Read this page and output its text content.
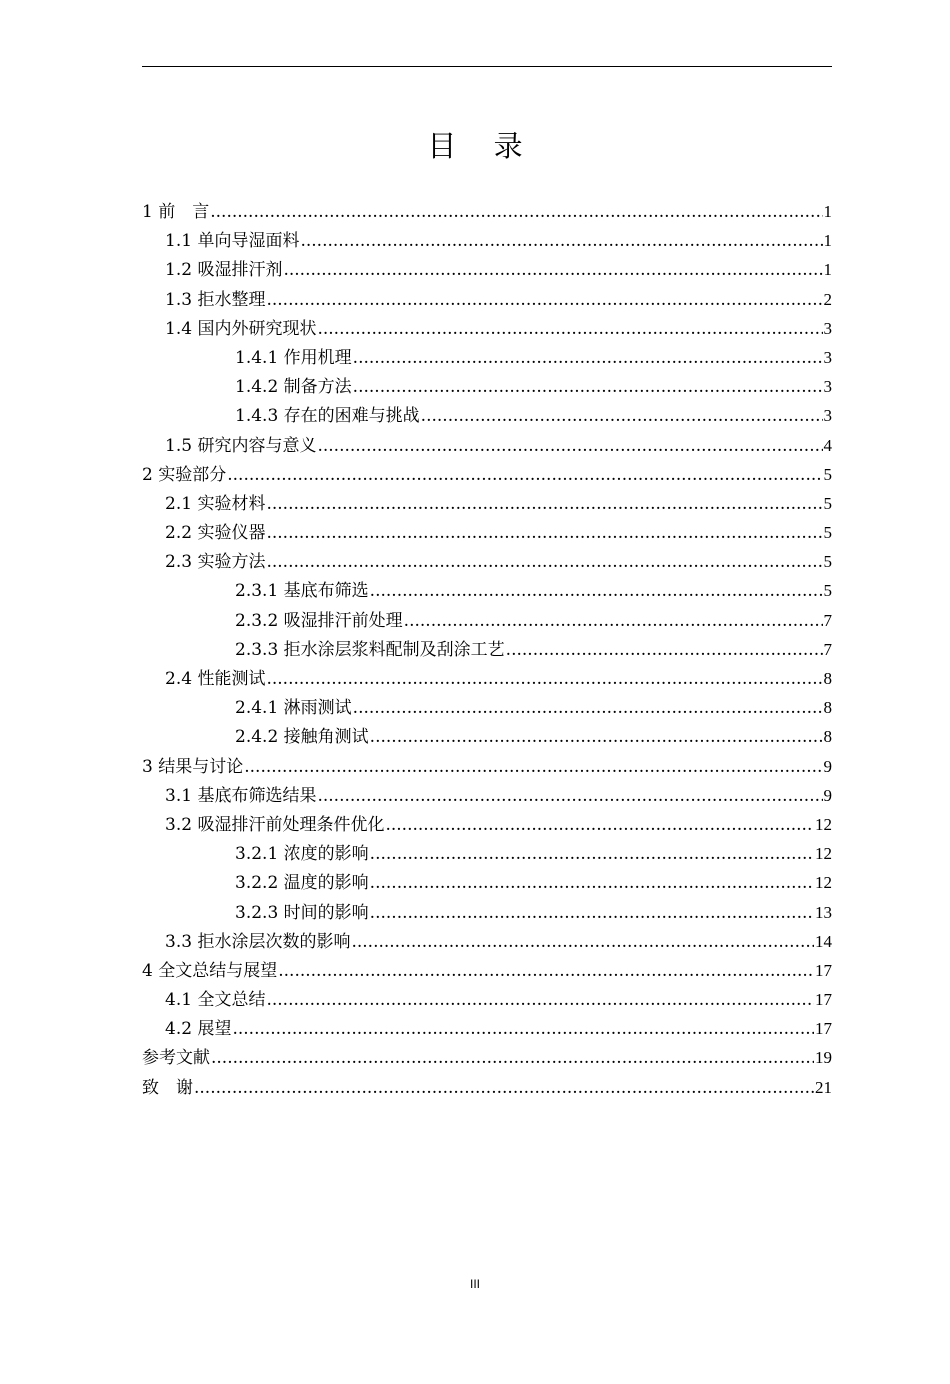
目 录
1 前　言 .....	1
1.1 单向导湿面料 .....	1
1.2 吸湿排汗剂 .....	1
1.3 拒水整理 .....	2
1.4 国内外研究现状 .....	3
1.4.1 作用机理 .....	3
1.4.2 制备方法 .....	3
1.4.3 存在的困难与挑战 .....	3
1.5 研究内容与意义 .....	4
2 实验部分 .....	5
2.1 实验材料 .....	5
2.2 实验仪器 .....	5
2.3 实验方法 .....	5
2.3.1 基底布筛选 .....	5
2.3.2 吸湿排汗前处理 .....	7
2.3.3 拒水涂层浆料配制及刮涂工艺 .....	7
2.4 性能测试 .....	8
2.4.1 淋雨测试 .....	8
2.4.2 接触角测试 .....	8
3 结果与讨论 .....	9
3.1 基底布筛选结果 .....	9
3.2 吸湿排汗前处理条件优化 .....	12
3.2.1 浓度的影响 .....	12
3.2.2 温度的影响 .....	12
3.2.3 时间的影响 .....	13
3.3 拒水涂层次数的影响 .....	14
4 全文总结与展望 .....	17
4.1 全文总结 .....	17
4.2 展望 .....	17
参考文献 .....	19
致　谢 .....	21
III
